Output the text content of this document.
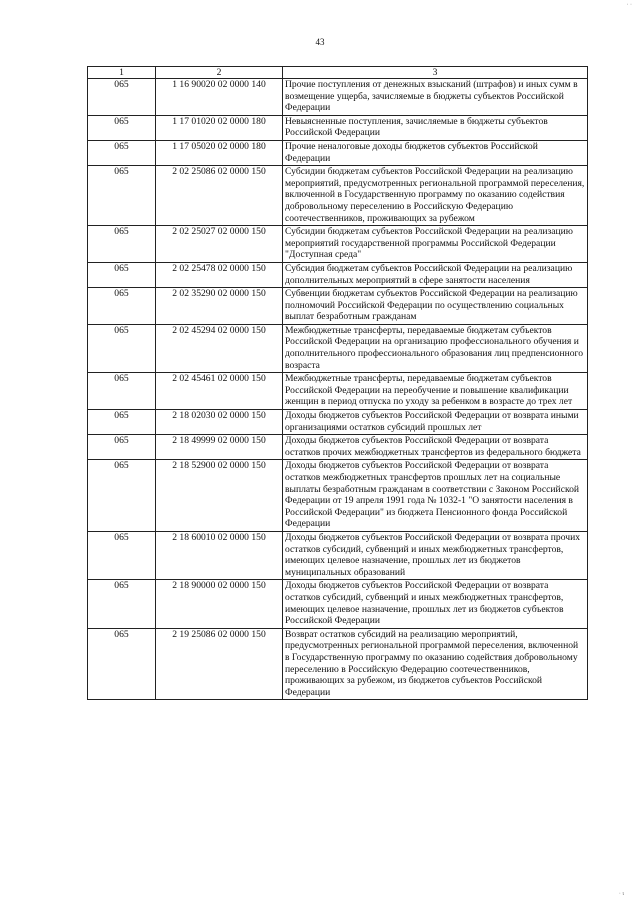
· ·
43
1	2	3
065	1 16 90020 02 0000 140	Прочие поступления от денежных взысканий (штрафов) и иных сумм в возмещение ущерба, зачисляемые в бюджеты субъектов Российской Федерации
065	1 17 01020 02 0000 180	Невыясненные поступления, зачисляемые в бюджеты субъектов Российской Федерации
065	1 17 05020 02 0000 180	Прочие неналоговые доходы бюджетов субъектов Российской Федерации
065	2 02 25086 02 0000 150	Субсидии бюджетам субъектов Российской Федерации на реализацию мероприятий, предусмотренных региональной программой переселения, включенной в Государственную программу по оказанию содействия добровольному переселению в Российскую Федерацию соотечественников, проживающих за рубежом
065	2 02 25027 02 0000 150	Субсидии бюджетам субъектов Российской Федерации на реализацию мероприятий государственной программы Российской Федерации "Доступная среда"
065	2 02 25478 02 0000 150	Субсидия бюджетам субъектов Российской Федерации на реализацию дополнительных мероприятий в сфере занятости населения
065	2 02 35290 02 0000 150	Субвенции бюджетам субъектов Российской Федерации на реализацию полномочий Российской Федерации по осуществлению социальных выплат безработным гражданам
065	2 02 45294 02 0000 150	Межбюджетные трансферты, передаваемые бюджетам субъектов Российской Федерации на организацию профессионального обучения и дополнительного профессионального образования лиц предпенсионного возраста
065	2 02 45461 02 0000 150	Межбюджетные трансферты, передаваемые бюджетам субъектов Российской Федерации на переобучение и повышение квалификации женщин в период отпуска по уходу за ребенком в возрасте до трех лет
065	2 18 02030 02 0000 150	Доходы бюджетов субъектов Российской Федерации от возврата иными организациями остатков субсидий прошлых лет
065	2 18 49999 02 0000 150	Доходы бюджетов субъектов Российской Федерации от возврата остатков прочих межбюджетных трансфертов из федерального бюджета
065	2 18 52900 02 0000 150	Доходы бюджетов субъектов Российской Федерации от возврата остатков межбюджетных трансфертов прошлых лет на социальные выплаты безработным гражданам в соответствии с Законом Российской Федерации от 19 апреля 1991 года № 1032-1 "О занятости населения в Российской Федерации" из бюджета Пенсионного фонда Российской Федерации
065	2 18 60010 02 0000 150	Доходы бюджетов субъектов Российской Федерации от возврата прочих остатков субсидий, субвенций и иных межбюджетных трансфертов, имеющих целевое назначение, прошлых лет из бюджетов муниципальных образований
065	2 18 90000 02 0000 150	Доходы бюджетов субъектов Российской Федерации от возврата остатков субсидий, субвенций и иных межбюджетных трансфертов, имеющих целевое назначение, прошлых лет из бюджетов субъектов Российской Федерации
065	2 19 25086 02 0000 150	Возврат остатков субсидий на реализацию мероприятий, предусмотренных региональной программой переселения, включенной в Государственную программу по оказанию содействия добровольному переселению в Российскую Федерацию соотечественников, проживающих за рубежом, из бюджетов субъектов Российской Федерации
· ι
